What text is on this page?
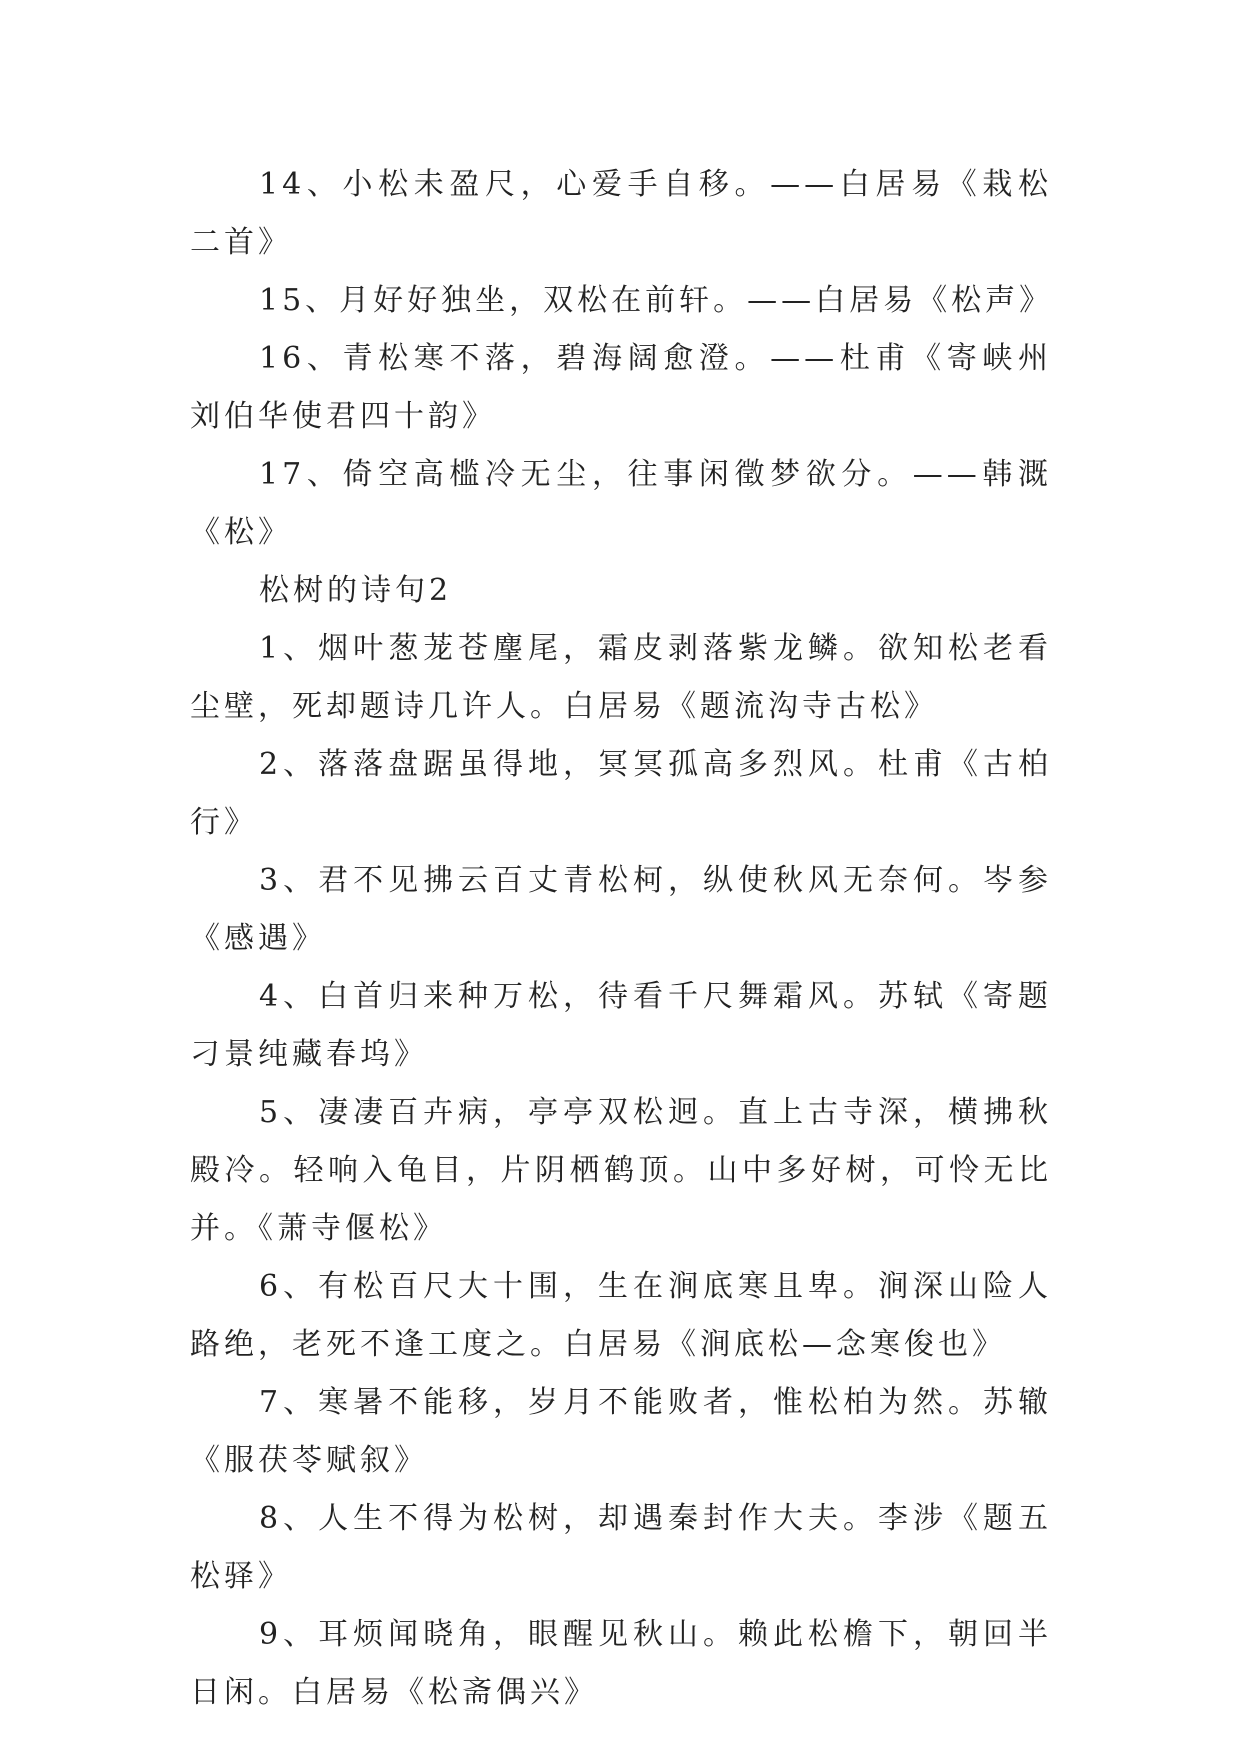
14、小松未盈尺，心爱手自移。——白居易《栽松二首》

15、月好好独坐，双松在前轩。——白居易《松声》

16、青松寒不落，碧海阔愈澄。——杜甫《寄峡州刘伯华使君四十韵》

17、倚空高槛冷无尘，往事闲徵梦欲分。——韩溉《松》

松树的诗句2

1、烟叶葱茏苍麈尾，霜皮剥落紫龙鳞。欲知松老看尘壁，死却题诗几许人。白居易《题流沟寺古松》

2、落落盘踞虽得地，冥冥孤高多烈风。杜甫《古柏行》

3、君不见拂云百丈青松柯，纵使秋风无奈何。岑参《感遇》

4、白首归来种万松，待看千尺舞霜风。苏轼《寄题刁景纯藏春坞》

5、凄凄百卉病，亭亭双松迥。直上古寺深，横拂秋殿冷。轻响入龟目，片阴栖鹤顶。山中多好树，可怜无比并。《萧寺偃松》

6、有松百尺大十围，生在涧底寒且卑。涧深山险人路绝，老死不逢工度之。白居易《涧底松—念寒俊也》

7、寒暑不能移，岁月不能败者，惟松柏为然。苏辙《服茯苓赋叙》

8、人生不得为松树，却遇秦封作大夫。李涉《题五松驿》

9、耳烦闻晓角，眼醒见秋山。赖此松檐下，朝回半日闲。白居易《松斋偶兴》
